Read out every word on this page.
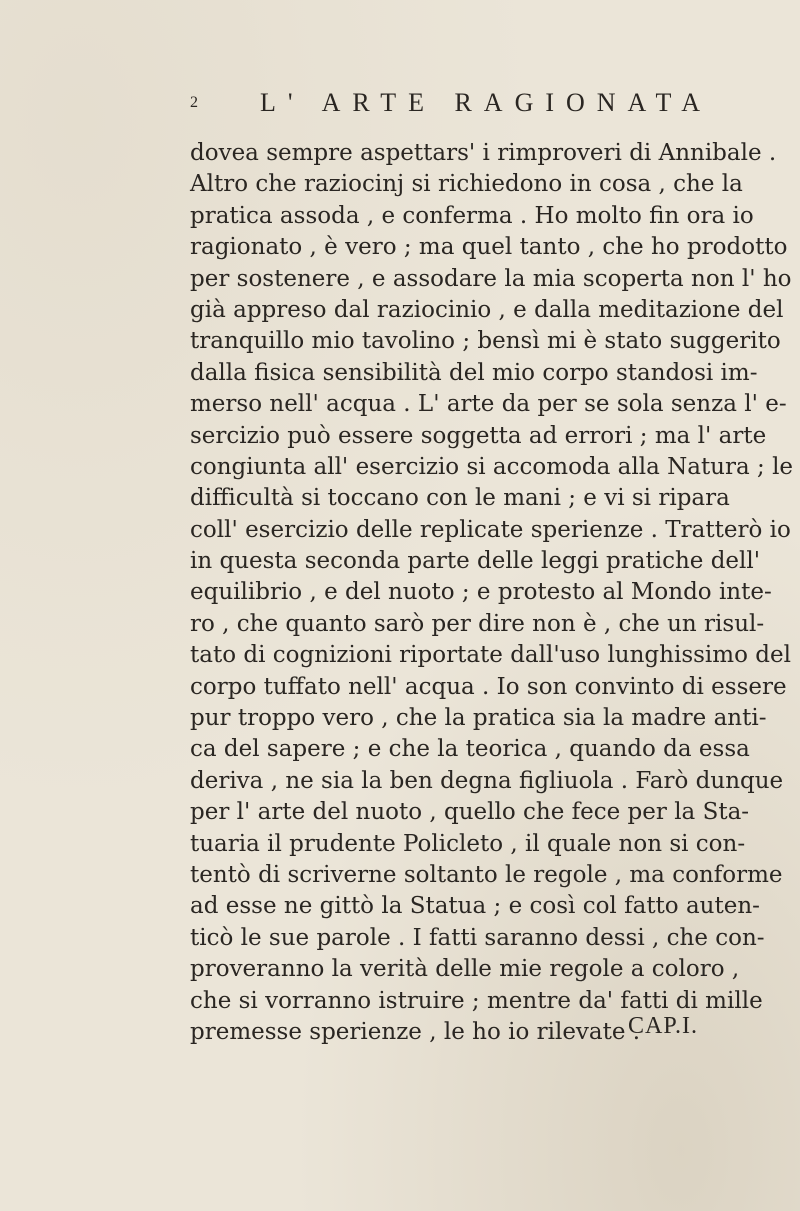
2 L' ARTE RAGIONATA
dovea sempre aspettars' i rimproveri di Annibale .
Altro che raziocinj si richiedono in cosa , che la
pratica assoda , e conferma . Ho molto fin ora io
ragionato , è vero ; ma quel tanto , che ho prodotto
per sostenere , e assodare la mia scoperta non l' ho
già appreso dal raziocinio , e dalla meditazione del
tranquillo mio tavolino ; bensì mi è stato suggerito
dalla fisica sensibilità del mio corpo standosi im-
merso nell' acqua . L' arte da per se sola senza l' e-
sercizio può essere soggetta ad errori ; ma l' arte
congiunta all' esercizio si accomoda alla Natura ; le
difficultà si toccano con le mani ; e vi si ripara
coll' esercizio delle replicate sperienze . Tratterò io
in questa seconda parte delle leggi pratiche dell'
equilibrio , e del nuoto ; e protesto al Mondo inte-
ro , che quanto sarò per dire non è , che un risul-
tato di cognizioni riportate dall'uso lunghissimo del
corpo tuffato nell' acqua . Io son convinto di essere
pur troppo vero , che la pratica sia la madre anti-
ca del sapere ; e che la teorica , quando da essa
deriva , ne sia la ben degna figliuola . Farò dunque
per l' arte del nuoto , quello che fece per la Sta-
tuaria il prudente Policleto , il quale non si con-
tentò di scriverne soltanto le regole , ma conforme
ad esse ne gittò la Statua ; e così col fatto auten-
ticò le sue parole . I fatti saranno dessi , che con-
proveranno la verità delle mie regole a coloro ,
che si vorranno istruire ; mentre da' fatti di mille
premesse sperienze , le ho io rilevate .
CAP.I.
